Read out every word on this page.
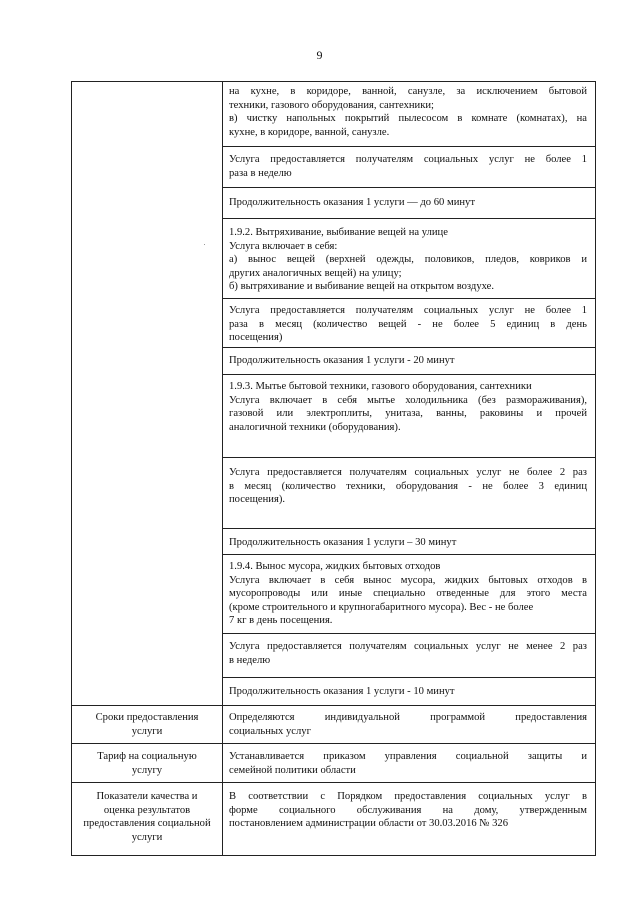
9
на кухне, в коридоре, ванной, санузле, за исключением бытовой
техники, газового оборудования, сантехники;
в) чистку напольных покрытий пылесосом в комнате (комнатах), на
кухне, в коридоре, ванной, санузле.
Услуга предоставляется получателям социальных услуг не более 1
раза в неделю
Продолжительность оказания 1 услуги — до 60 минут
1.9.2. Вытряхивание, выбивание вещей на улице
Услуга включает в себя:
а) вынос вещей (верхней одежды, половиков, пледов, ковриков и
других аналогичных вещей) на улицу;
б) вытряхивание и выбивание вещей на открытом воздухе.
Услуга предоставляется получателям социальных услуг не более 1
раза в месяц (количество вещей - не более 5 единиц в день
посещения)
Продолжительность оказания 1 услуги - 20 минут
1.9.3. Мытье бытовой техники, газового оборудования, сантехники
Услуга включает в себя мытье холодильника (без размораживания),
газовой или электроплиты, унитаза, ванны, раковины и прочей
аналогичной техники (оборудования).
Услуга предоставляется получателям социальных услуг не более 2 раз
в месяц (количество техники, оборудования - не более 3 единиц
посещения).
Продолжительность оказания 1 услуги – 30 минут
1.9.4. Вынос мусора, жидких бытовых отходов
Услуга включает в себя вынос мусора, жидких бытовых отходов в
мусоропроводы или иные специально отведенные для этого места
(кроме строительного и крупногабаритного мусора). Вес - не более
7 кг в день посещения.
Услуга предоставляется получателям социальных услуг не менее 2 раз
в неделю
Продолжительность оказания 1 услуги - 10 минут
Сроки предоставления
услуги
Определяются индивидуальной программой предоставления
социальных услуг
Тариф на социальную
услугу
Устанавливается приказом управления социальной защиты и
семейной политики области
Показатели качества и
оценка результатов
предоставления социальной
услуги
В соответствии с Порядком предоставления социальных услуг в
форме социального обслуживания на дому, утвержденным
постановлением администрации области от 30.03.2016 № 326
